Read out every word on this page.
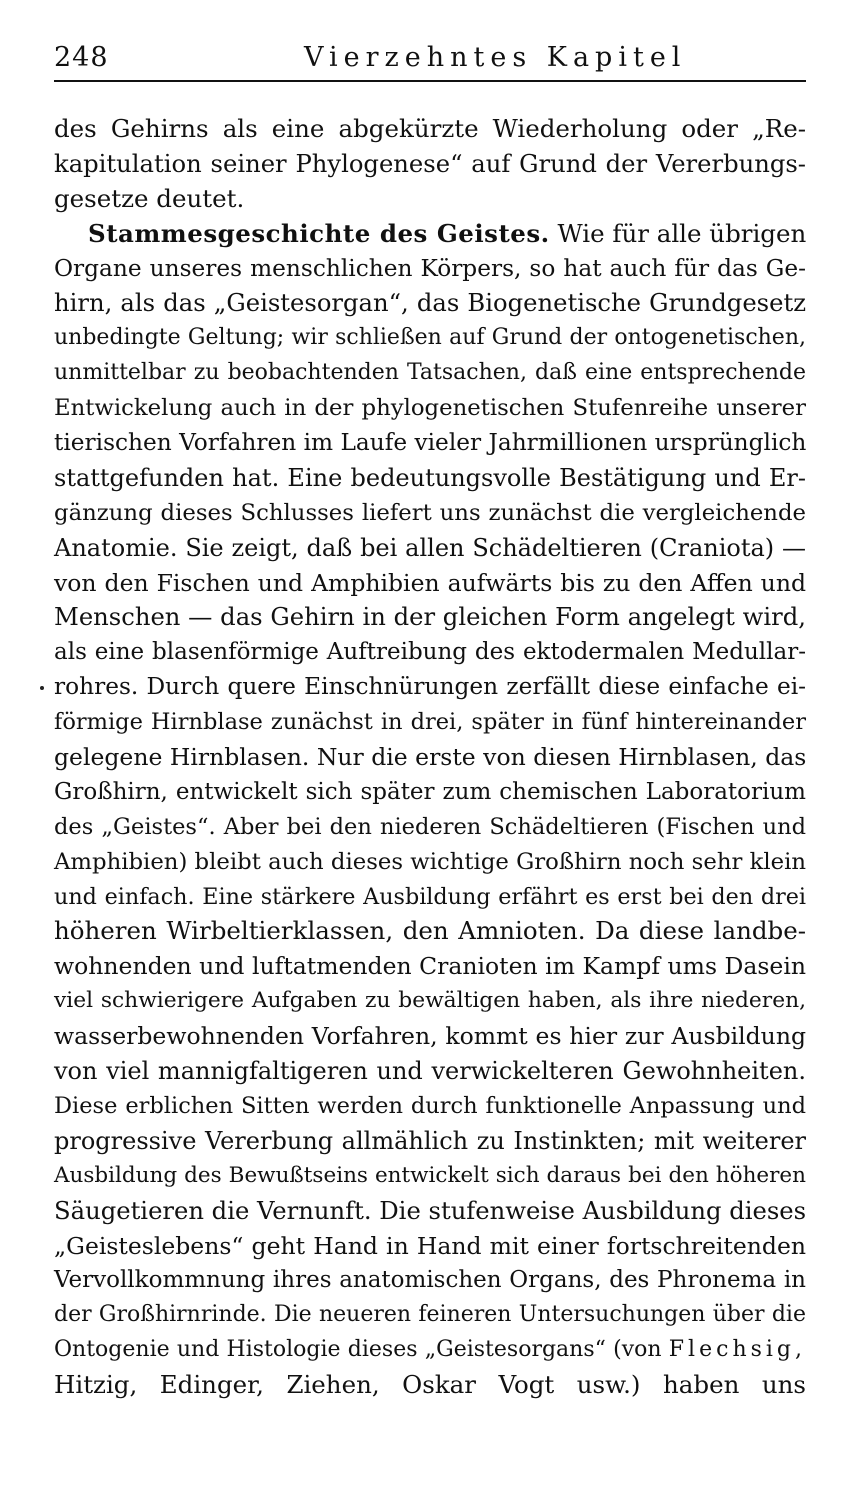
248	Vierzehntes Kapitel
des Gehirns als eine abgekürzte Wiederholung oder „Re-
kapitulation seiner Phylogenese“ auf Grund der Vererbungs-
gesetze deutet.
Stammesgeschichte des Geistes. Wie für alle übrigen
Organe unseres menschlichen Körpers, so hat auch für das Ge-
hirn, als das „Geistesorgan“, das Biogenetische Grundgesetz
unbedingte Geltung; wir schließen auf Grund der ontogenetischen,
unmittelbar zu beobachtenden Tatsachen, daß eine entsprechende
Entwickelung auch in der phylogenetischen Stufenreihe unserer
tierischen Vorfahren im Laufe vieler Jahrmillionen ursprünglich
stattgefunden hat. Eine bedeutungsvolle Bestätigung und Er-
gänzung dieses Schlusses liefert uns zunächst die vergleichende
Anatomie. Sie zeigt, daß bei allen Schädeltieren (Craniota) —
von den Fischen und Amphibien aufwärts bis zu den Affen und
Menschen — das Gehirn in der gleichen Form angelegt wird,
als eine blasenförmige Auftreibung des ektodermalen Medullar-
rohres. Durch quere Einschnürungen zerfällt diese einfache ei-
förmige Hirnblase zunächst in drei, später in fünf hintereinander
gelegene Hirnblasen. Nur die erste von diesen Hirnblasen, das
Großhirn, entwickelt sich später zum chemischen Laboratorium
des „Geistes“. Aber bei den niederen Schädeltieren (Fischen und
Amphibien) bleibt auch dieses wichtige Großhirn noch sehr klein
und einfach. Eine stärkere Ausbildung erfährt es erst bei den drei
höheren Wirbeltierklassen, den Amnioten. Da diese landbe-
wohnenden und luftatmenden Cranioten im Kampf ums Dasein
viel schwierigere Aufgaben zu bewältigen haben, als ihre niederen,
wasserbewohnenden Vorfahren, kommt es hier zur Ausbildung
von viel mannigfaltigeren und verwickelteren Gewohnheiten.
Diese erblichen Sitten werden durch funktionelle Anpassung und
progressive Vererbung allmählich zu Instinkten; mit weiterer
Ausbildung des Bewußtseins entwickelt sich daraus bei den höheren
Säugetieren die Vernunft. Die stufenweise Ausbildung dieses
„Geisteslebens“ geht Hand in Hand mit einer fortschreitenden
Vervollkommnung ihres anatomischen Organs, des Phronema in
der Großhirnrinde. Die neueren feineren Untersuchungen über die
Ontogenie und Histologie dieses „Geistesorgans“ (von Flechsig,
Hitzig, Edinger, Ziehen, Oskar Vogt usw.) haben uns
